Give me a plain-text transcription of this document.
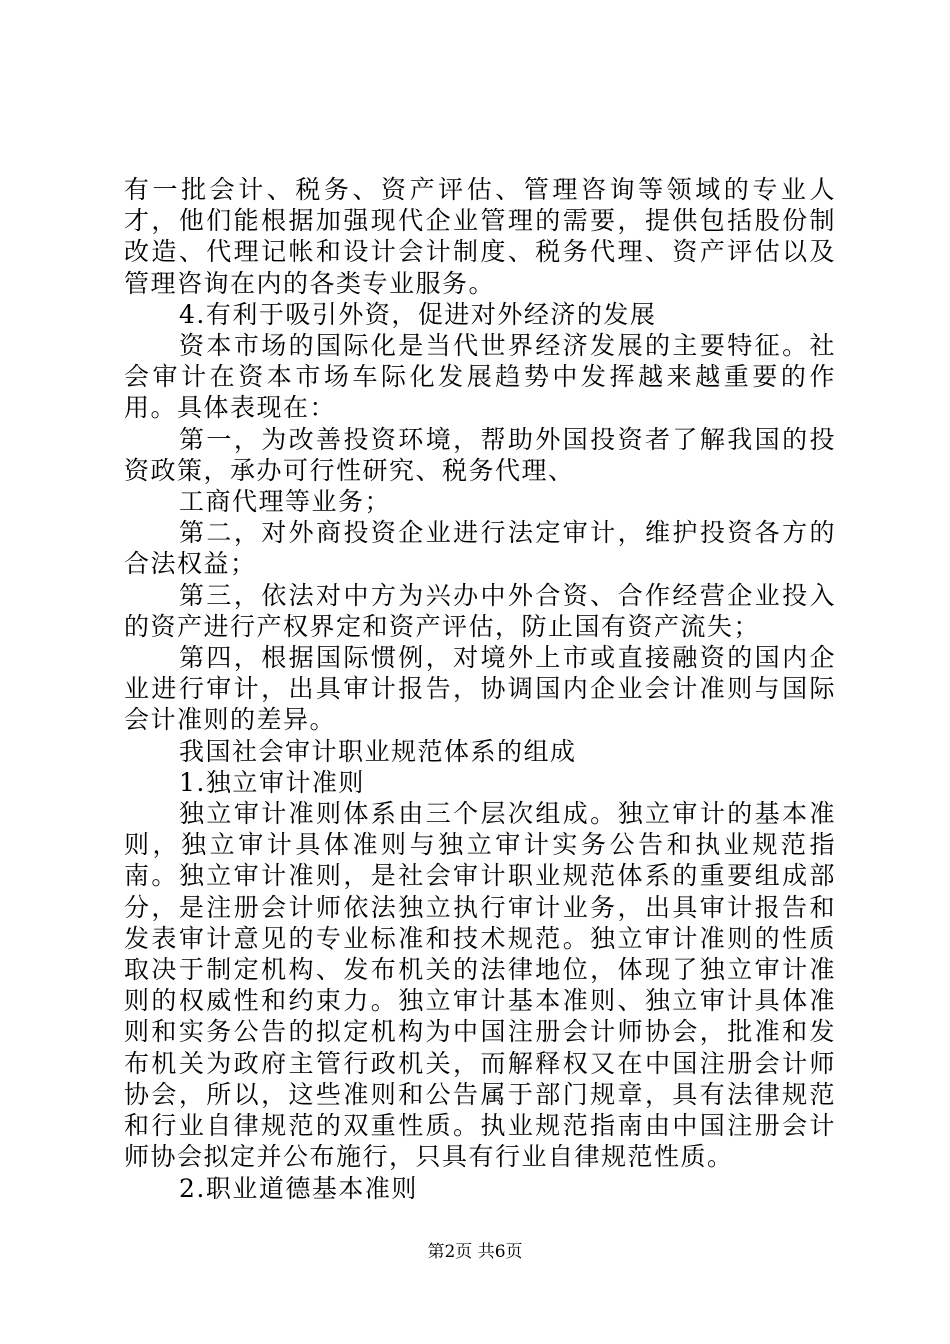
有一批会计、税务、资产评估、管理咨询等领域的专业人才，他们能根据加强现代企业管理的需要，提供包括股份制改造、代理记帐和设计会计制度、税务代理、资产评估以及管理咨询在内的各类专业服务。

4.有利于吸引外资，促进对外经济的发展

资本市场的国际化是当代世界经济发展的主要特征。社会审计在资本市场车际化发展趋势中发挥越来越重要的作用。具体表现在：

第一，为改善投资环境，帮助外国投资者了解我国的投资政策，承办可行性研究、税务代理、

工商代理等业务；

第二，对外商投资企业进行法定审计，维护投资各方的合法权益；

第三，依法对中方为兴办中外合资、合作经营企业投入的资产进行产权界定和资产评估，防止国有资产流失；

第四，根据国际惯例，对境外上市或直接融资的国内企业进行审计，出具审计报告，协调国内企业会计准则与国际会计准则的差异。

我国社会审计职业规范体系的组成

1.独立审计准则

独立审计准则体系由三个层次组成。独立审计的基本准则，独立审计具体准则与独立审计实务公告和执业规范指南。独立审计准则，是社会审计职业规范体系的重要组成部分，是注册会计师依法独立执行审计业务，出具审计报告和发表审计意见的专业标准和技术规范。独立审计准则的性质取决于制定机构、发布机关的法律地位，体现了独立审计准则的权威性和约束力。独立审计基本准则、独立审计具体准则和实务公告的拟定机构为中国注册会计师协会，批准和发布机关为政府主管行政机关，而解释权又在中国注册会计师协会，所以，这些准则和公告属于部门规章，具有法律规范和行业自律规范的双重性质。执业规范指南由中国注册会计师协会拟定并公布施行，只具有行业自律规范性质。

2.职业道德基本准则

第2页 共6页
